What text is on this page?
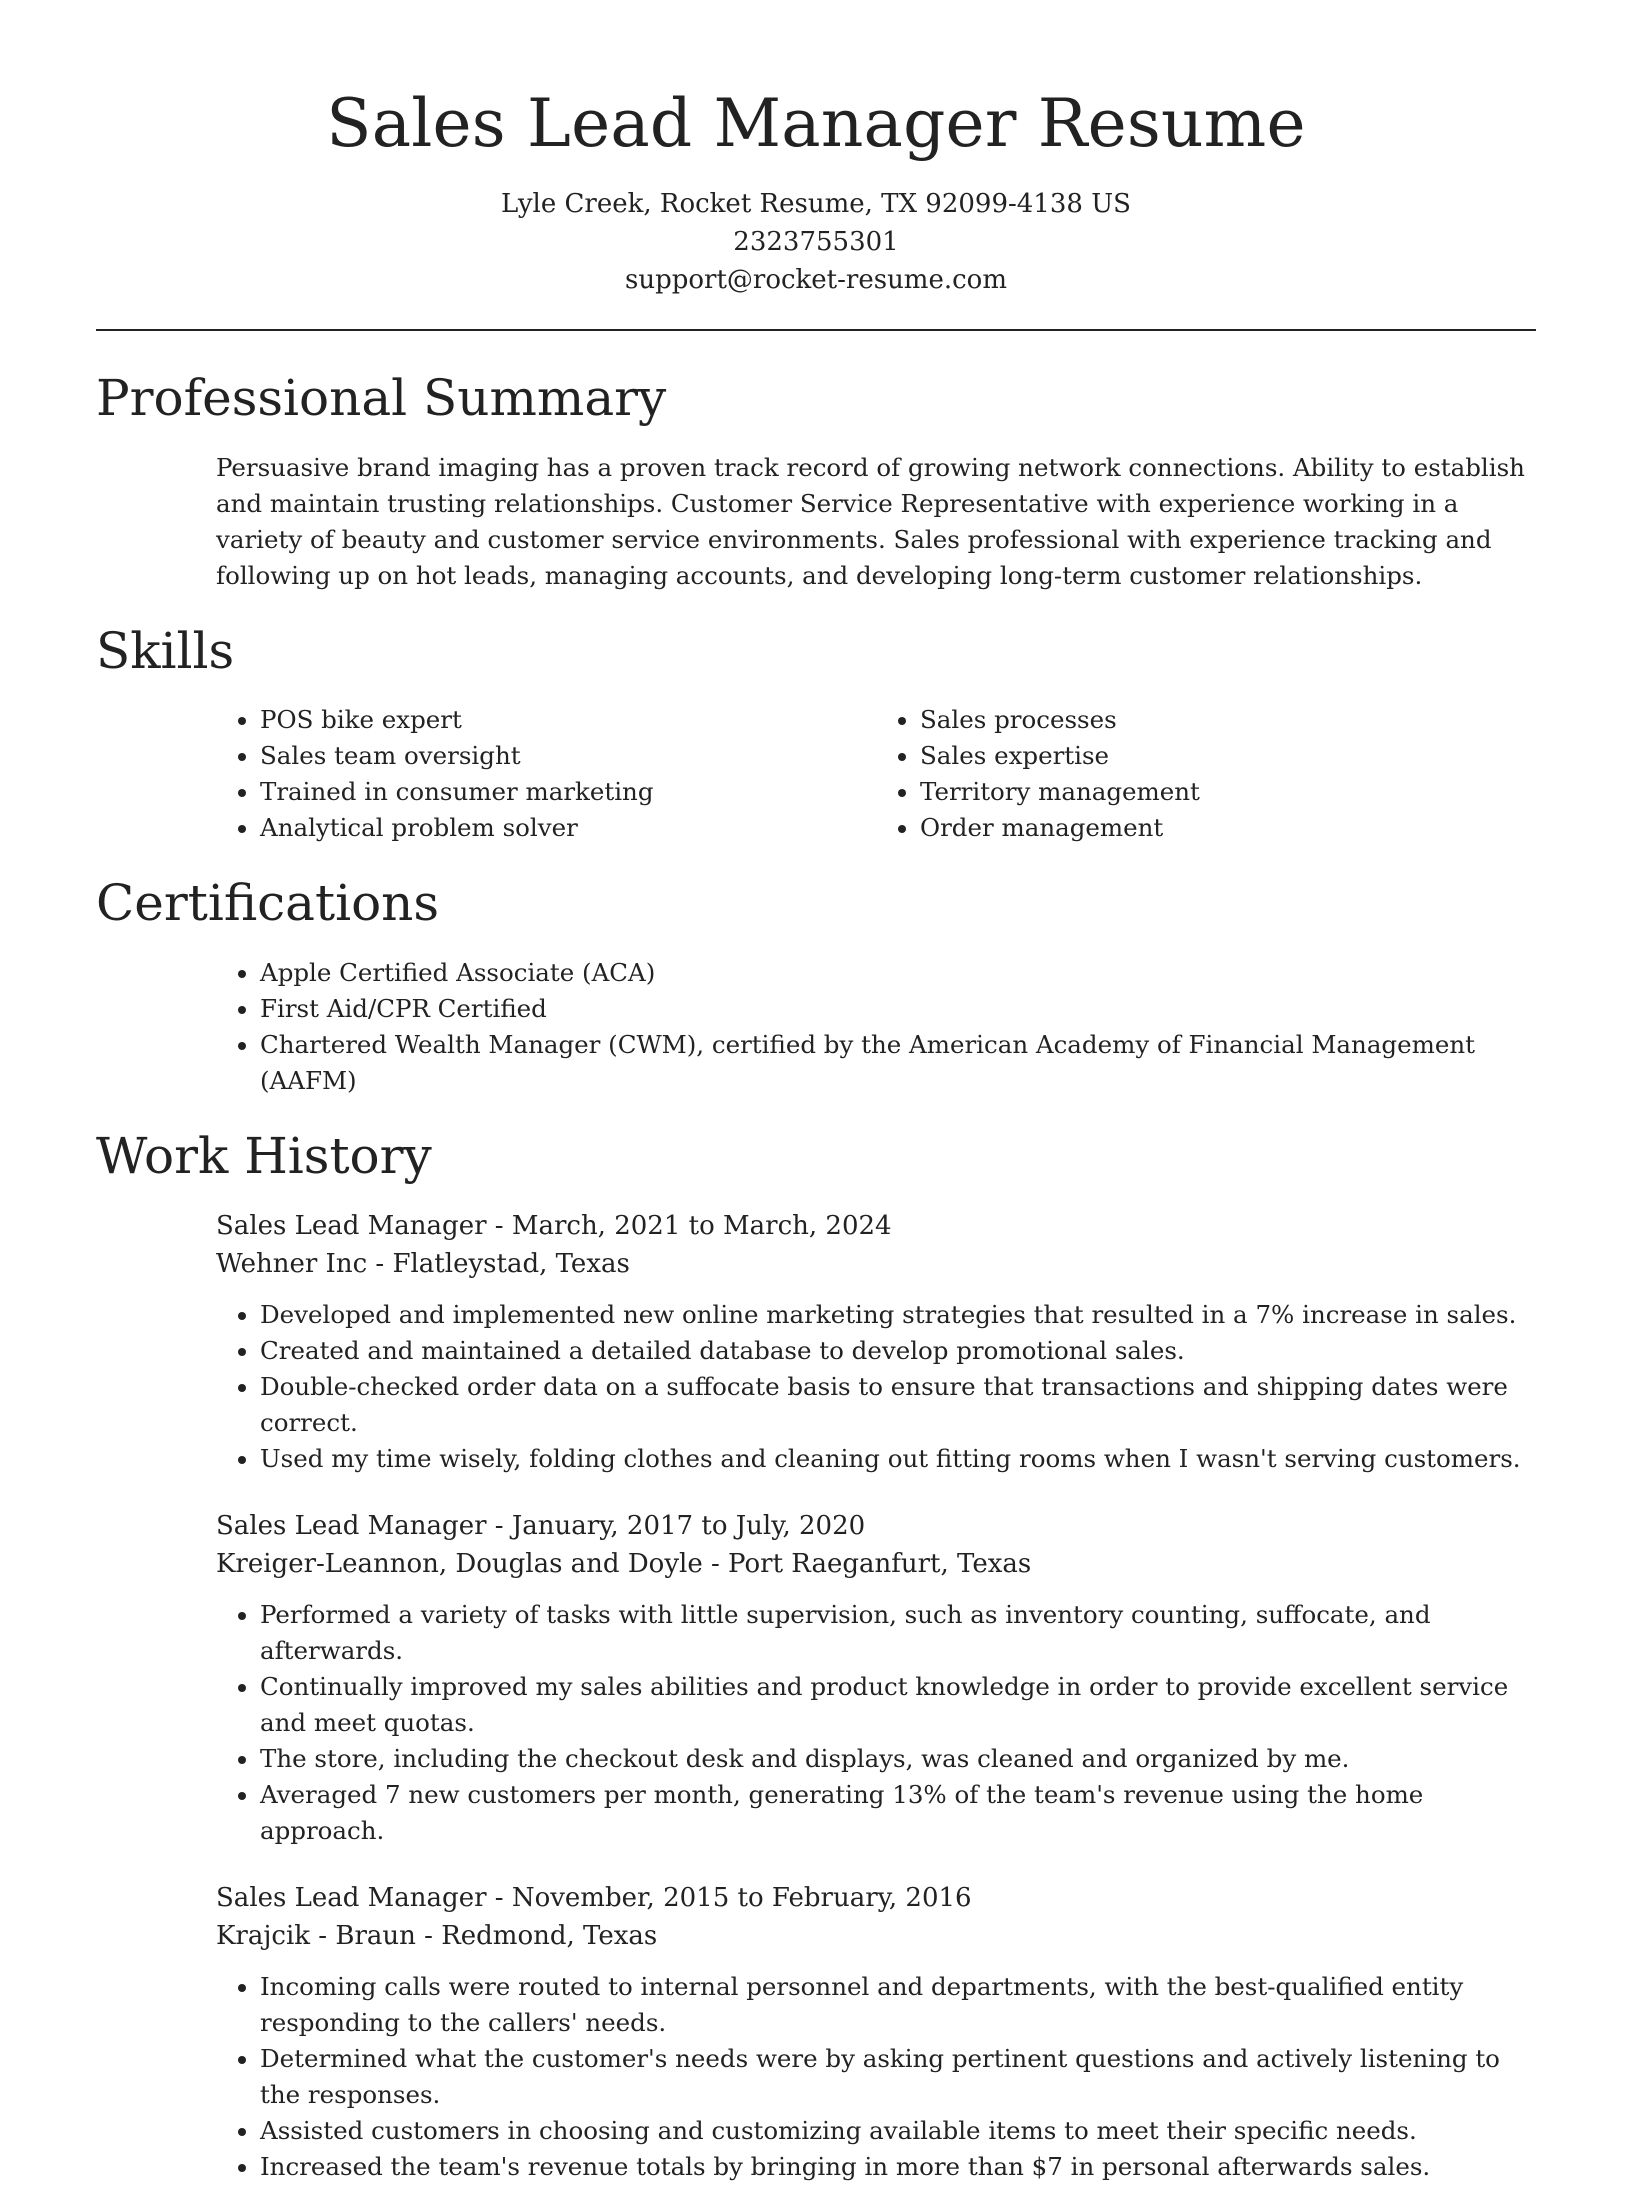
Sales Lead Manager Resume
Lyle Creek, Rocket Resume, TX 92099-4138 US
2323755301
support@rocket-resume.com
Professional Summary
Persuasive brand imaging has a proven track record of growing network connections. Ability to establish and maintain trusting relationships. Customer Service Representative with experience working in a variety of beauty and customer service environments. Sales professional with experience tracking and following up on hot leads, managing accounts, and developing long-term customer relationships.
Skills
• POS bike expert
• Sales team oversight
• Trained in consumer marketing
• Analytical problem solver
• Sales processes
• Sales expertise
• Territory management
• Order management
Certifications
• Apple Certified Associate (ACA)
• First Aid/CPR Certified
• Chartered Wealth Manager (CWM), certified by the American Academy of Financial Management (AAFM)
Work History
Sales Lead Manager - March, 2021 to March, 2024
Wehner Inc - Flatleystad, Texas
• Developed and implemented new online marketing strategies that resulted in a 7% increase in sales.
• Created and maintained a detailed database to develop promotional sales.
• Double-checked order data on a suffocate basis to ensure that transactions and shipping dates were correct.
• Used my time wisely, folding clothes and cleaning out fitting rooms when I wasn't serving customers.
Sales Lead Manager - January, 2017 to July, 2020
Kreiger-Leannon, Douglas and Doyle - Port Raeganfurt, Texas
• Performed a variety of tasks with little supervision, such as inventory counting, suffocate, and afterwards.
• Continually improved my sales abilities and product knowledge in order to provide excellent service and meet quotas.
• The store, including the checkout desk and displays, was cleaned and organized by me.
• Averaged 7 new customers per month, generating 13% of the team's revenue using the home approach.
Sales Lead Manager - November, 2015 to February, 2016
Krajcik - Braun - Redmond, Texas
• Incoming calls were routed to internal personnel and departments, with the best-qualified entity responding to the callers' needs.
• Determined what the customer's needs were by asking pertinent questions and actively listening to the responses.
• Assisted customers in choosing and customizing available items to meet their specific needs.
• Increased the team's revenue totals by bringing in more than $7 in personal afterwards sales.
